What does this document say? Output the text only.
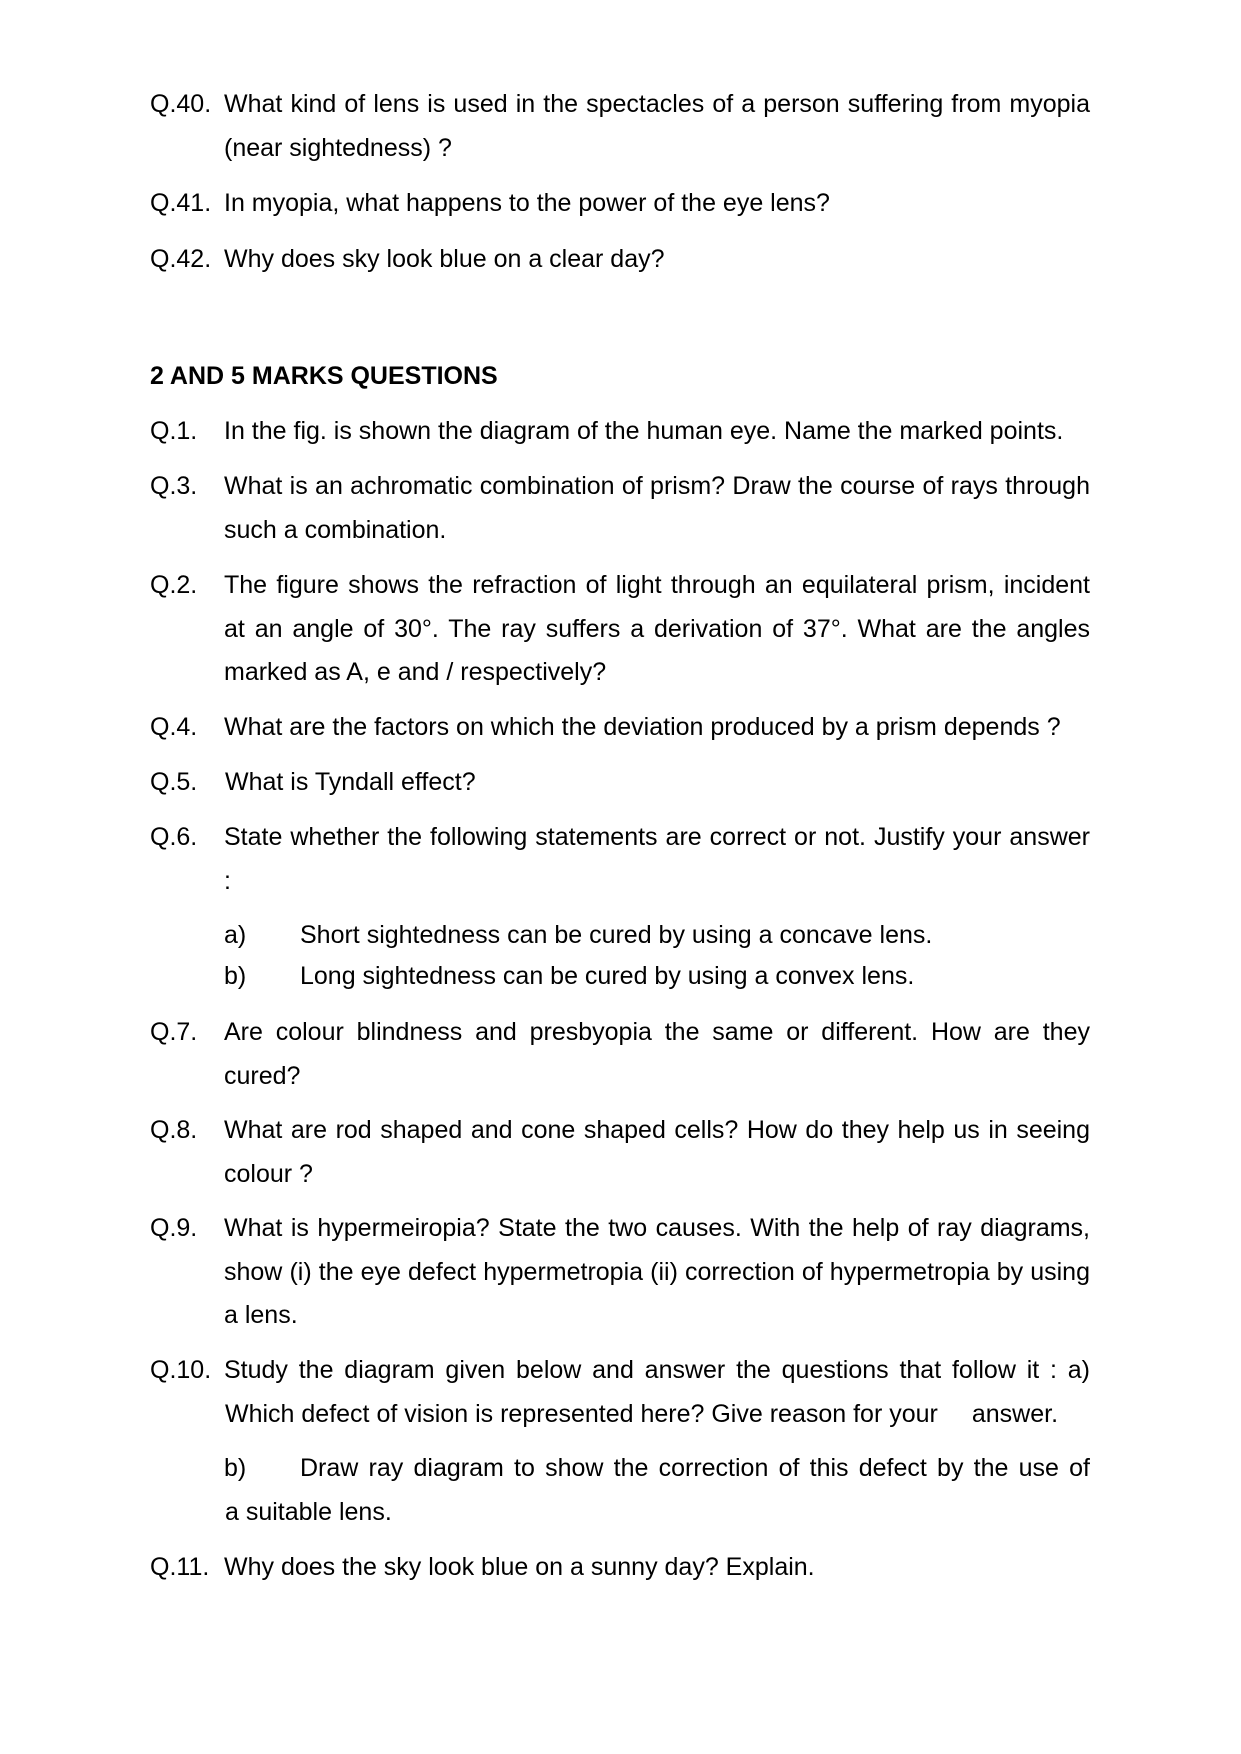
Q.40. What kind of lens is used in the spectacles of a person suffering from myopia
(near sightedness) ?
Q.41. In myopia, what happens to the power of the eye lens?
Q.42. Why does sky look blue on a clear day?
2 AND 5 MARKS QUESTIONS
Q.1. In the fig. is shown the diagram of the human eye. Name the marked points.
Q.3. What is an achromatic combination of prism? Draw the course of rays through
such a combination.
Q.2. The figure shows the refraction of light through an equilateral prism, incident
at an angle of 30°. The ray suffers a derivation of 37°. What are the angles
marked as A, e and / respectively?
Q.4. What are the factors on which the deviation produced by a prism depends ?
Q.5. What is Tyndall effect?
Q.6. State whether the following statements are correct or not. Justify your answer
:
a) Short sightedness can be cured by using a concave lens.
b) Long sightedness can be cured by using a convex lens.
Q.7. Are colour blindness and presbyopia the same or different. How are they
cured?
Q.8. What are rod shaped and cone shaped cells? How do they help us in seeing
colour ?
Q.9. What is hypermeiropia? State the two causes. With the help of ray diagrams,
show (i) the eye defect hypermetropia (ii) correction of hypermetropia by using
a lens.
Q.10. Study the diagram given below and answer the questions that follow it : a)
Which defect of vision is represented here? Give reason for your answer.
b) Draw ray diagram to show the correction of this defect by the use of
a suitable lens.
Q.11. Why does the sky look blue on a sunny day? Explain.
